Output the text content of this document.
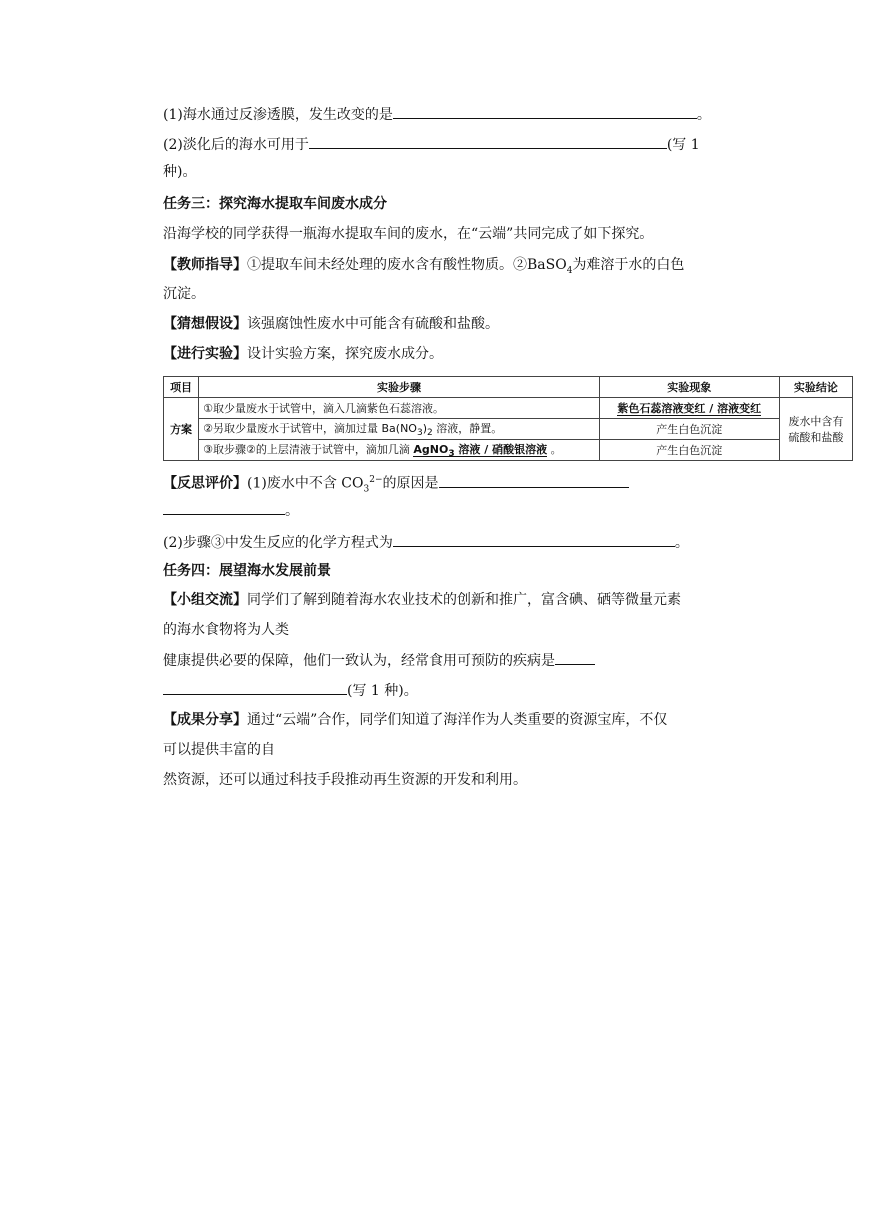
(1)海水通过反渗透膜，发生改变的是	。
(2)淡化后的海水可用于	(写 1
种)。
任务三：探究海水提取车间废水成分
沿海学校的同学获得一瓶海水提取车间的废水，在“云端”共同完成了如下探究。
【教师指导】①提取车间未经处理的废水含有酸性物质。②BaSO$_4$为难溶于水的白色
沉淀。
【猜想假设】该强腐蚀性废水中可能含有硫酸和盐酸。
【进行实验】设计实验方案，探究废水成分。
项目	实验步骤	实验现象	实验结论
方案	①取少量废水于试管中，滴入几滴紫色石蕊溶液。	紫色石蕊溶液变红 / 溶液变红	废水中含有硫酸和盐酸
	②另取少量废水于试管中，滴加过量 $Ba(NO_3)_2$ 溶液，静置。	产生白色沉淀	
	③取步骤②的上层清液于试管中，滴加几滴 AgNO$_3$ 溶液 / 硝酸银溶液 。	产生白色沉淀	
【反思评价】(1)废水中不含 $CO_3^{2-}$的原因是
。
(2)步骤③中发生反应的化学方程式为	。
任务四：展望海水发展前景
【小组交流】同学们了解到随着海水农业技术的创新和推广，富含碘、硒等微量元素
的海水食物将为人类
健康提供必要的保障，他们一致认为，经常食用可预防的疾病是
(写 1 种)。
【成果分享】通过“云端”合作，同学们知道了海洋作为人类重要的资源宝库，不仅
可以提供丰富的自
然资源，还可以通过科技手段推动再生资源的开发和利用。
